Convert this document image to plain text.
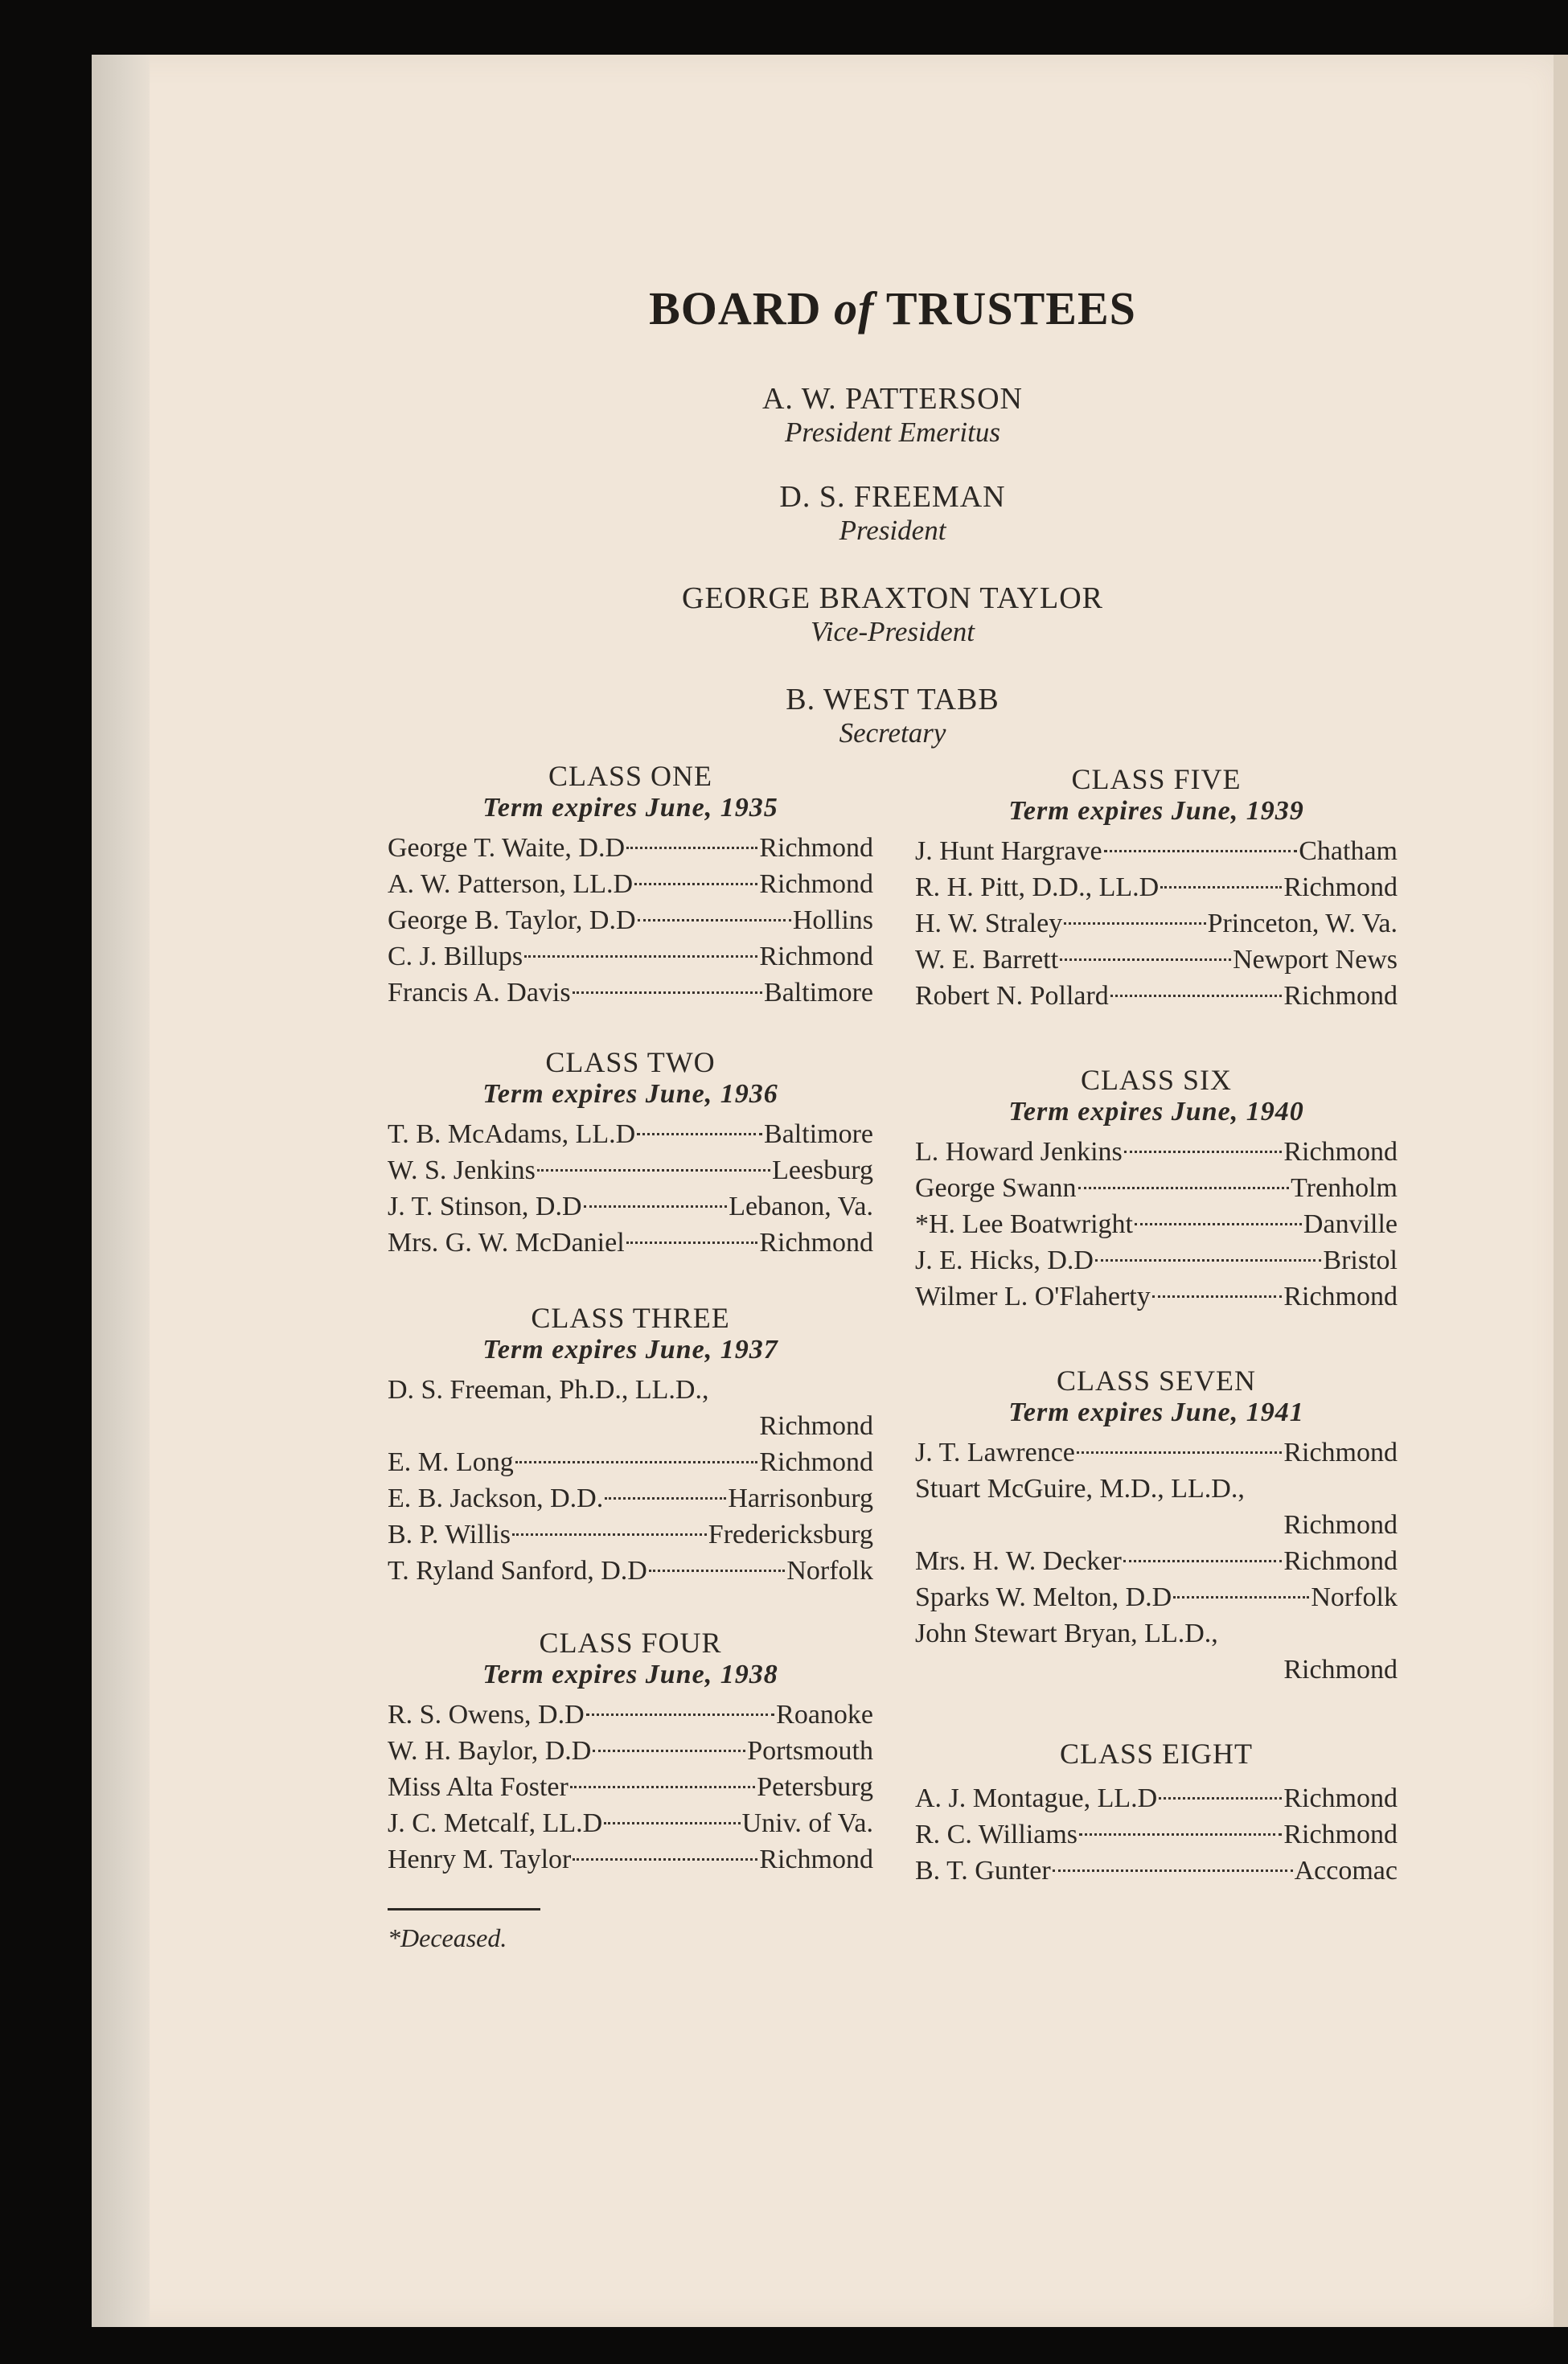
BOARD of TRUSTEES
A. W. PATTERSON
President Emeritus
D. S. FREEMAN
President
GEORGE BRAXTON TAYLOR
Vice-President
B. WEST TABB
Secretary
CLASS ONE
Term expires June, 1935
George T. Waite, D.D	Richmond
A. W. Patterson, LL.D	Richmond
George B. Taylor, D.D	Hollins
C. J. Billups	Richmond
Francis A. Davis	Baltimore
CLASS TWO
Term expires June, 1936
T. B. McAdams, LL.D	Baltimore
W. S. Jenkins	Leesburg
J. T. Stinson, D.D	Lebanon, Va.
Mrs. G. W. McDaniel	Richmond
CLASS THREE
Term expires June, 1937
D. S. Freeman, Ph.D., LL.D.,
Richmond
E. M. Long	Richmond
E. B. Jackson, D.D.	Harrisonburg
B. P. Willis	Fredericksburg
T. Ryland Sanford, D.D	Norfolk
CLASS FOUR
Term expires June, 1938
R. S. Owens, D.D	Roanoke
W. H. Baylor, D.D	Portsmouth
Miss Alta Foster	Petersburg
J. C. Metcalf, LL.D	Univ. of Va.
Henry M. Taylor	Richmond
CLASS FIVE
Term expires June, 1939
J. Hunt Hargrave	Chatham
R. H. Pitt, D.D., LL.D	Richmond
H. W. Straley	Princeton, W. Va.
W. E. Barrett	Newport News
Robert N. Pollard	Richmond
CLASS SIX
Term expires June, 1940
L. Howard Jenkins	Richmond
George Swann	Trenholm
*H. Lee Boatwright	Danville
J. E. Hicks, D.D	Bristol
Wilmer L. O'Flaherty	Richmond
CLASS SEVEN
Term expires June, 1941
J. T. Lawrence	Richmond
Stuart McGuire, M.D., LL.D.,
Richmond
Mrs. H. W. Decker	Richmond
Sparks W. Melton, D.D	Norfolk
John Stewart Bryan, LL.D.,
Richmond
CLASS EIGHT
A. J. Montague, LL.D	Richmond
R. C. Williams	Richmond
B. T. Gunter	Accomac
*Deceased.
